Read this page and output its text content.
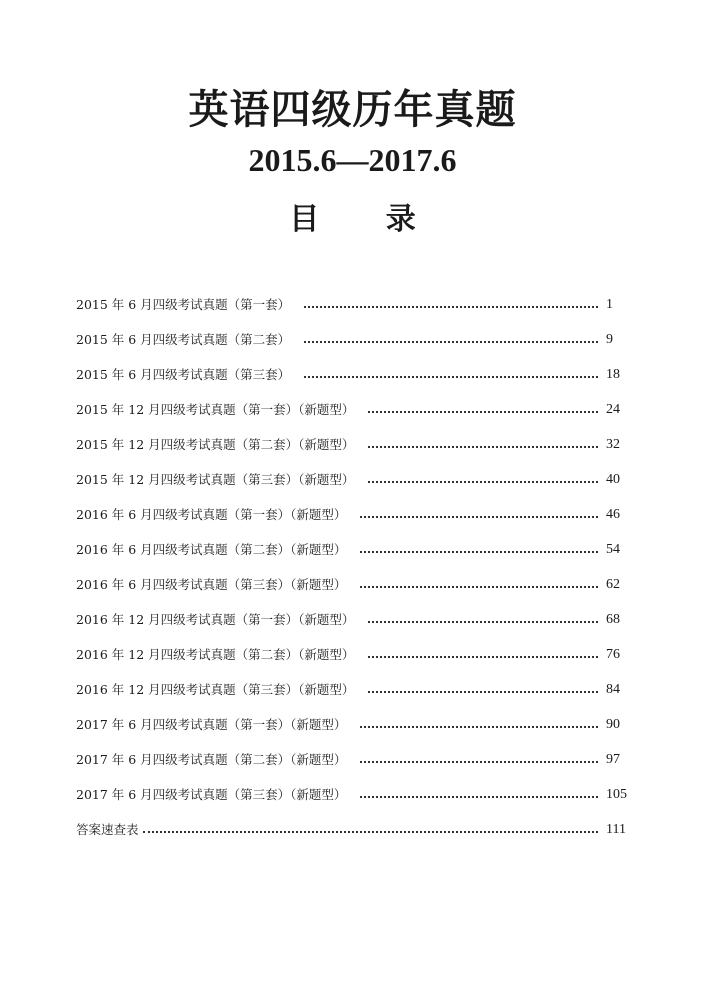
英语四级历年真题
2015.6—2017.6
目 录
2015 年 6 月四级考试真题（第一套）	1
2015 年 6 月四级考试真题（第二套）	9
2015 年 6 月四级考试真题（第三套）	18
2015 年 12 月四级考试真题（第一套）（新题型）	24
2015 年 12 月四级考试真题（第二套）（新题型）	32
2015 年 12 月四级考试真题（第三套）（新题型）	40
2016 年 6 月四级考试真题（第一套）（新题型）	46
2016 年 6 月四级考试真题（第二套）（新题型）	54
2016 年 6 月四级考试真题（第三套）（新题型）	62
2016 年 12 月四级考试真题（第一套）（新题型）	68
2016 年 12 月四级考试真题（第二套）（新题型）	76
2016 年 12 月四级考试真题（第三套）（新题型）	84
2017 年 6 月四级考试真题（第一套）（新题型）	90
2017 年 6 月四级考试真题（第二套）（新题型）	97
2017 年 6 月四级考试真题（第三套）（新题型）	105
答案速查表	111
